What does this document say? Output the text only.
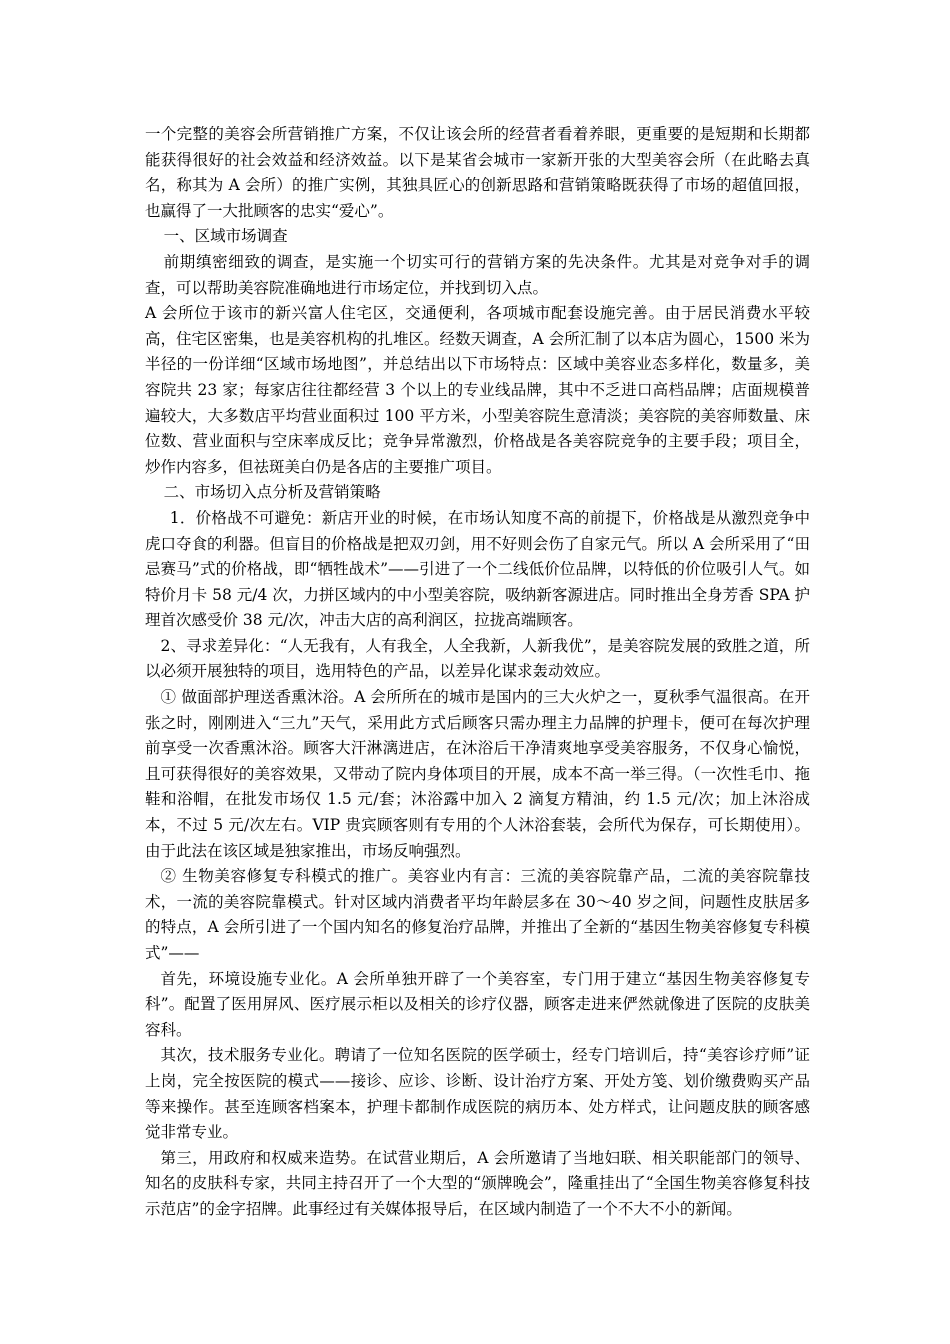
一个完整的美容会所营销推广方案，不仅让该会所的经营者看着养眼，更重要的是短期和长期都能获得很好的社会效益和经济效益。以下是某省会城市一家新开张的大型美容会所（在此略去真名，称其为 A 会所）的推广实例，其独具匠心的创新思路和营销策略既获得了市场的超值回报，也赢得了一大批顾客的忠实“爱心”。

一、区域市场调查

前期缜密细致的调查，是实施一个切实可行的营销方案的先决条件。尤其是对竞争对手的调查，可以帮助美容院准确地进行市场定位，并找到切入点。

A 会所位于该市的新兴富人住宅区，交通便利，各项城市配套设施完善。由于居民消费水平较高，住宅区密集，也是美容机构的扎堆区。经数天调查，A 会所汇制了以本店为圆心，1500 米为半径的一份详细“区域市场地图”，并总结出以下市场特点：区域中美容业态多样化，数量多，美容院共 23 家；每家店往往都经营 3 个以上的专业线品牌，其中不乏进口高档品牌；店面规模普遍较大，大多数店平均营业面积过 100 平方米，小型美容院生意清淡；美容院的美容师数量、床位数、营业面积与空床率成反比；竞争异常激烈，价格战是各美容院竞争的主要手段；项目全，炒作内容多，但祛斑美白仍是各店的主要推广项目。

二、市场切入点分析及营销策略

1．价格战不可避免：新店开业的时候，在市场认知度不高的前提下，价格战是从激烈竞争中虎口夺食的利器。但盲目的价格战是把双刃剑，用不好则会伤了自家元气。所以 A 会所采用了“田忌赛马”式的价格战，即“牺牲战术”——引进了一个二线低价位品牌，以特低的价位吸引人气。如特价月卡 58 元/4 次，力拼区域内的中小型美容院，吸纳新客源进店。同时推出全身芳香 SPA 护理首次感受价 38 元/次，冲击大店的高利润区，拉拢高端顾客。

2、寻求差异化：“人无我有，人有我全，人全我新，人新我优”，是美容院发展的致胜之道，所以必须开展独特的项目，选用特色的产品，以差异化谋求轰动效应。

① 做面部护理送香熏沐浴。A 会所所在的城市是国内的三大火炉之一，夏秋季气温很高。在开张之时，刚刚进入“三九”天气，采用此方式后顾客只需办理主力品牌的护理卡，便可在每次护理前享受一次香熏沐浴。顾客大汗淋漓进店，在沐浴后干净清爽地享受美容服务，不仅身心愉悦，且可获得很好的美容效果，又带动了院内身体项目的开展，成本不高一举三得。（一次性毛巾、拖鞋和浴帽，在批发市场仅 1.5 元/套；沐浴露中加入 2 滴复方精油，约 1.5 元/次；加上沐浴成本，不过 5 元/次左右。VIP 贵宾顾客则有专用的个人沐浴套装，会所代为保存，可长期使用）。由于此法在该区域是独家推出，市场反响强烈。

② 生物美容修复专科模式的推广。美容业内有言：三流的美容院靠产品，二流的美容院靠技术，一流的美容院靠模式。针对区域内消费者平均年龄层多在 30～40 岁之间，问题性皮肤居多的特点，A 会所引进了一个国内知名的修复治疗品牌，并推出了全新的“基因生物美容修复专科模式”——

首先，环境设施专业化。A 会所单独开辟了一个美容室，专门用于建立“基因生物美容修复专科”。配置了医用屏风、医疗展示柜以及相关的诊疗仪器，顾客走进来俨然就像进了医院的皮肤美容科。

其次，技术服务专业化。聘请了一位知名医院的医学硕士，经专门培训后，持“美容诊疗师”证上岗，完全按医院的模式——接诊、应诊、诊断、设计治疗方案、开处方笺、划价缴费购买产品等来操作。甚至连顾客档案本，护理卡都制作成医院的病历本、处方样式，让问题皮肤的顾客感觉非常专业。

第三，用政府和权威来造势。在试营业期后，A 会所邀请了当地妇联、相关职能部门的领导、知名的皮肤科专家，共同主持召开了一个大型的“颁牌晚会”，隆重挂出了“全国生物美容修复科技示范店”的金字招牌。此事经过有关媒体报导后，在区域内制造了一个不大不小的新闻。
